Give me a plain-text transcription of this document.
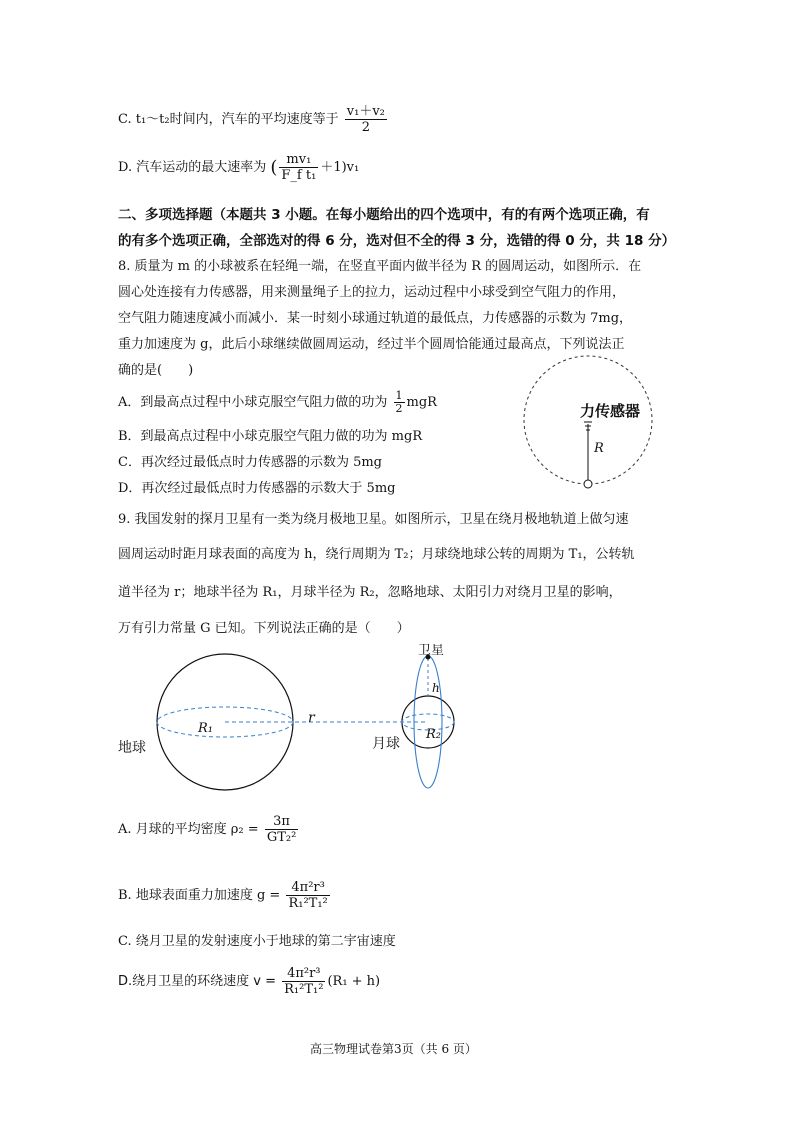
C. t₁～t₂时间内，汽车的平均速度等于 $\frac{\text{v₁＋v₂}}{2}$
D. 汽车运动的最大速率为 ( $\frac{\text{mv₁}}{\text{F\_f t₁}} +1)v_1$
二、多项选择题（本题共 3 小题。在每小题给出的四个选项中，有的有两个选项正确，有
的有多个选项正确，全部选对的得 6 分，选对但不全的得 3 分，选错的得 0 分，共 18 分）
8. 质量为 m 的小球被系在轻绳一端，在竖直平面内做半径为 R 的圆周运动，如图所示．在
圆心处连接有力传感器，用来测量绳子上的拉力，运动过程中小球受到空气阻力的作用，
空气阻力随速度减小而减小．某一时刻小球通过轨道的最低点，力传感器的示数为 7mg，
重力加速度为 g，此后小球继续做圆周运动，经过半个圆周恰能通过最高点，下列说法正
确的是(　　)
A．到最高点过程中小球克服空气阻力做的功为 $\frac{1}{2}$ mgR
B．到最高点过程中小球克服空气阻力做的功为 mgR
C．再次经过最低点时力传感器的示数为 5mg
D．再次经过最低点时力传感器的示数大于 5mg
力传感器
R
9. 我国发射的探月卫星有一类为绕月极地卫星。如图所示，卫星在绕月极地轨道上做匀速
圆周运动时距月球表面的高度为 h，绕行周期为 T₂；月球绕地球公转的周期为 T₁，公转轨
道半径为 r；地球半径为 R₁，月球半径为 R₂，忽略地球、太阳引力对绕月卫星的影响，
万有引力常量 G 已知。下列说法正确的是（　　）
地球	月球
卫星
r
h
R₁	R₂
A. 月球的平均密度 $\rho_2 = \frac{3\pi}{\text{GT₂²}}$
B. 地球表面重力加速度 $g = \frac{\text{4π²r³}}{\text{R₁²T₁²}}$
C. 绕月卫星的发射速度小于地球的第二宇宙速度
D.绕月卫星的环绕速度 $v = \frac{\text{4π²r³}}{\text{R₁²T₁²}} (R_1 + h)$
高三物理试卷第3页（共 6 页）
